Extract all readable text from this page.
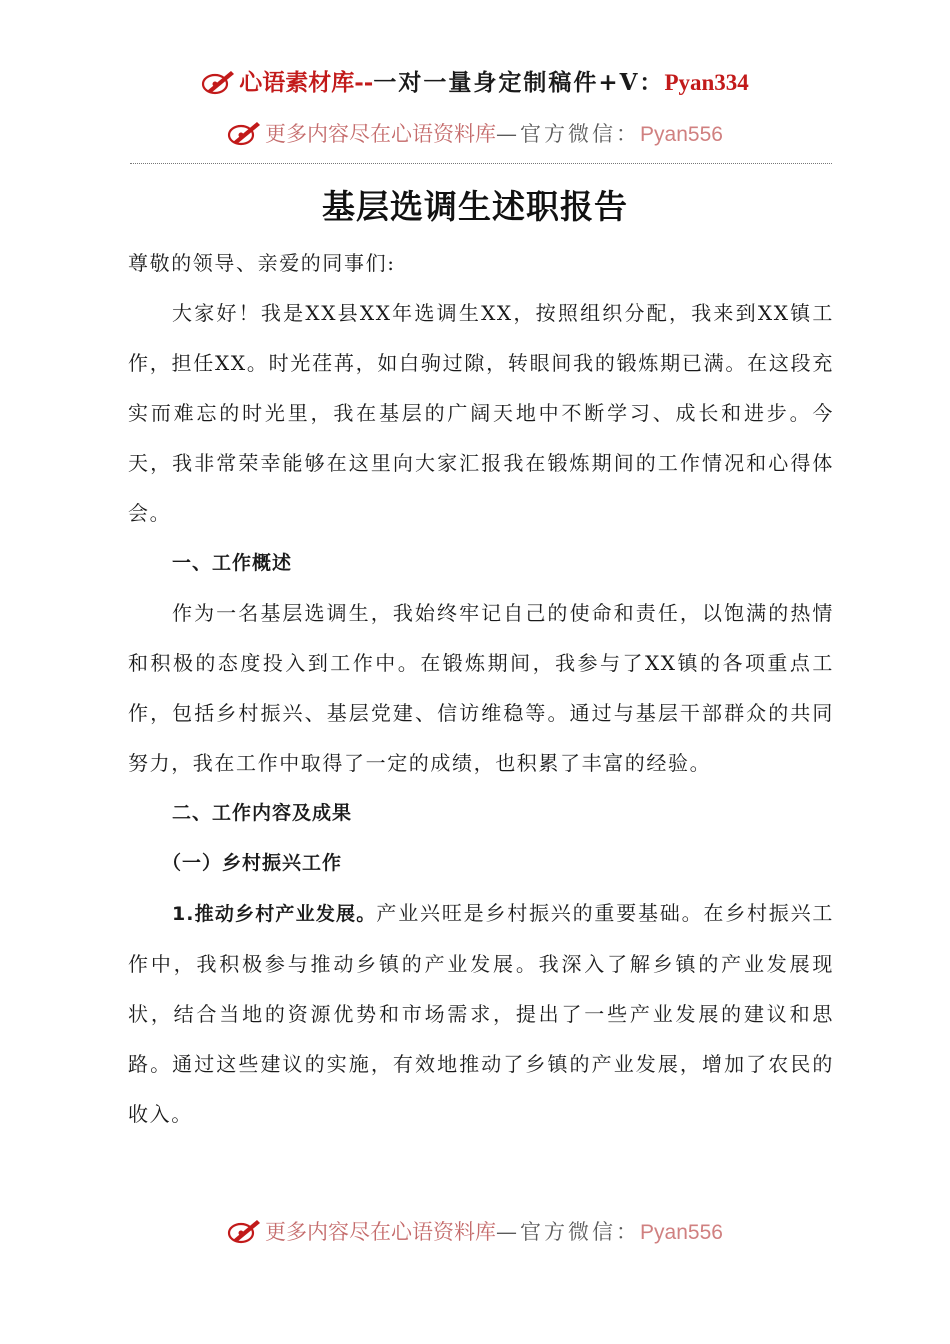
心语素材库--一对一量身定制稿件+V：Pyan334
更多内容尽在心语资料库—官方微信：Pyan556
基层选调生述职报告

尊敬的领导、亲爱的同事们:

大家好！我是XX县XX年选调生XX，按照组织分配，我来到XX镇工作，担任XX。时光荏苒，如白驹过隙，转眼间我的锻炼期已满。在这段充实而难忘的时光里，我在基层的广阔天地中不断学习、成长和进步。今天，我非常荣幸能够在这里向大家汇报我在锻炼期间的工作情况和心得体会。

一、工作概述

作为一名基层选调生，我始终牢记自己的使命和责任，以饱满的热情和积极的态度投入到工作中。在锻炼期间，我参与了XX镇的各项重点工作，包括乡村振兴、基层党建、信访维稳等。通过与基层干部群众的共同努力，我在工作中取得了一定的成绩，也积累了丰富的经验。

二、工作内容及成果

（一）乡村振兴工作

1.推动乡村产业发展。产业兴旺是乡村振兴的重要基础。在乡村振兴工作中，我积极参与推动乡镇的产业发展。我深入了解乡镇的产业发展现状，结合当地的资源优势和市场需求，提出了一些产业发展的建议和思路。通过这些建议的实施，有效地推动了乡镇的产业发展，增加了农民的收入。

更多内容尽在心语资料库—官方微信：Pyan556
